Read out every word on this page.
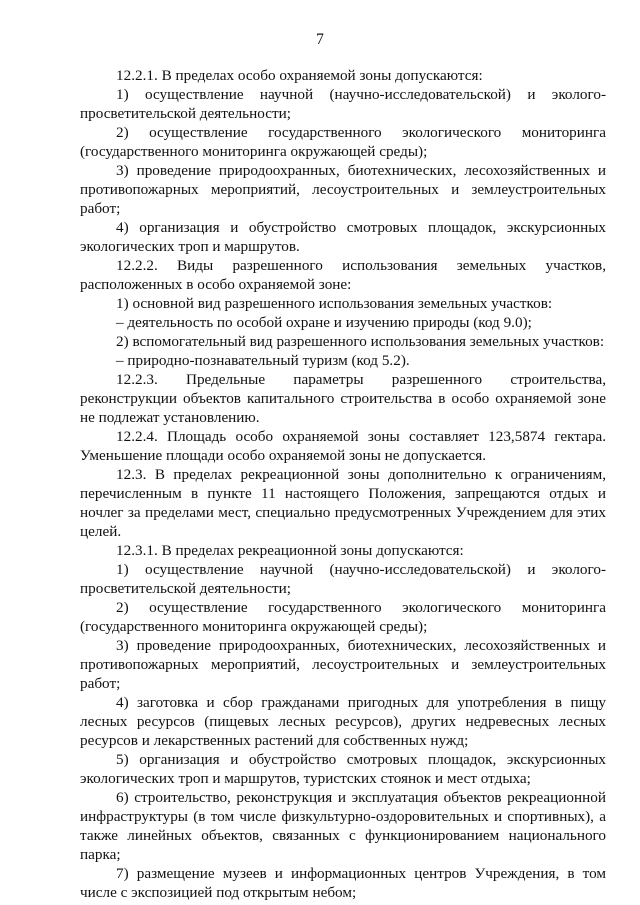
7

12.2.1. В пределах особо охраняемой зоны допускаются:

1) осуществление научной (научно-исследовательской) и эколого-просветительской деятельности;

2) осуществление государственного экологического мониторинга (государственного мониторинга окружающей среды);

3) проведение природоохранных, биотехнических, лесохозяйственных и противопожарных мероприятий, лесоустроительных и землеустроительных работ;

4) организация и обустройство смотровых площадок, экскурсионных экологических троп и маршрутов.

12.2.2. Виды разрешенного использования земельных участков, расположенных в особо охраняемой зоне:

1) основной вид разрешенного использования земельных участков:

– деятельность по особой охране и изучению природы (код 9.0);

2) вспомогательный вид разрешенного использования земельных участков:

– природно-познавательный туризм (код 5.2).

12.2.3. Предельные параметры разрешенного строительства, реконструкции объектов капитального строительства в особо охраняемой зоне не подлежат установлению.

12.2.4. Площадь особо охраняемой зоны составляет 123,5874 гектара. Уменьшение площади особо охраняемой зоны не допускается.

12.3. В пределах рекреационной зоны дополнительно к ограничениям, перечисленным в пункте 11 настоящего Положения, запрещаются отдых и ночлег за пределами мест, специально предусмотренных Учреждением для этих целей.

12.3.1. В пределах рекреационной зоны допускаются:

1) осуществление научной (научно-исследовательской) и эколого-просветительской деятельности;

2) осуществление государственного экологического мониторинга (государственного мониторинга окружающей среды);

3) проведение природоохранных, биотехнических, лесохозяйственных и противопожарных мероприятий, лесоустроительных и землеустроительных работ;

4) заготовка и сбор гражданами пригодных для употребления в пищу лесных ресурсов (пищевых лесных ресурсов), других недревесных лесных ресурсов и лекарственных растений для собственных нужд;

5) организация и обустройство смотровых площадок, экскурсионных экологических троп и маршрутов, туристских стоянок и мест отдыха;

6) строительство, реконструкция и эксплуатация объектов рекреационной инфраструктуры (в том числе физкультурно-оздоровительных и спортивных), а также линейных объектов, связанных с функционированием национального парка;

7) размещение музеев и информационных центров Учреждения, в том числе с экспозицией под открытым небом;
